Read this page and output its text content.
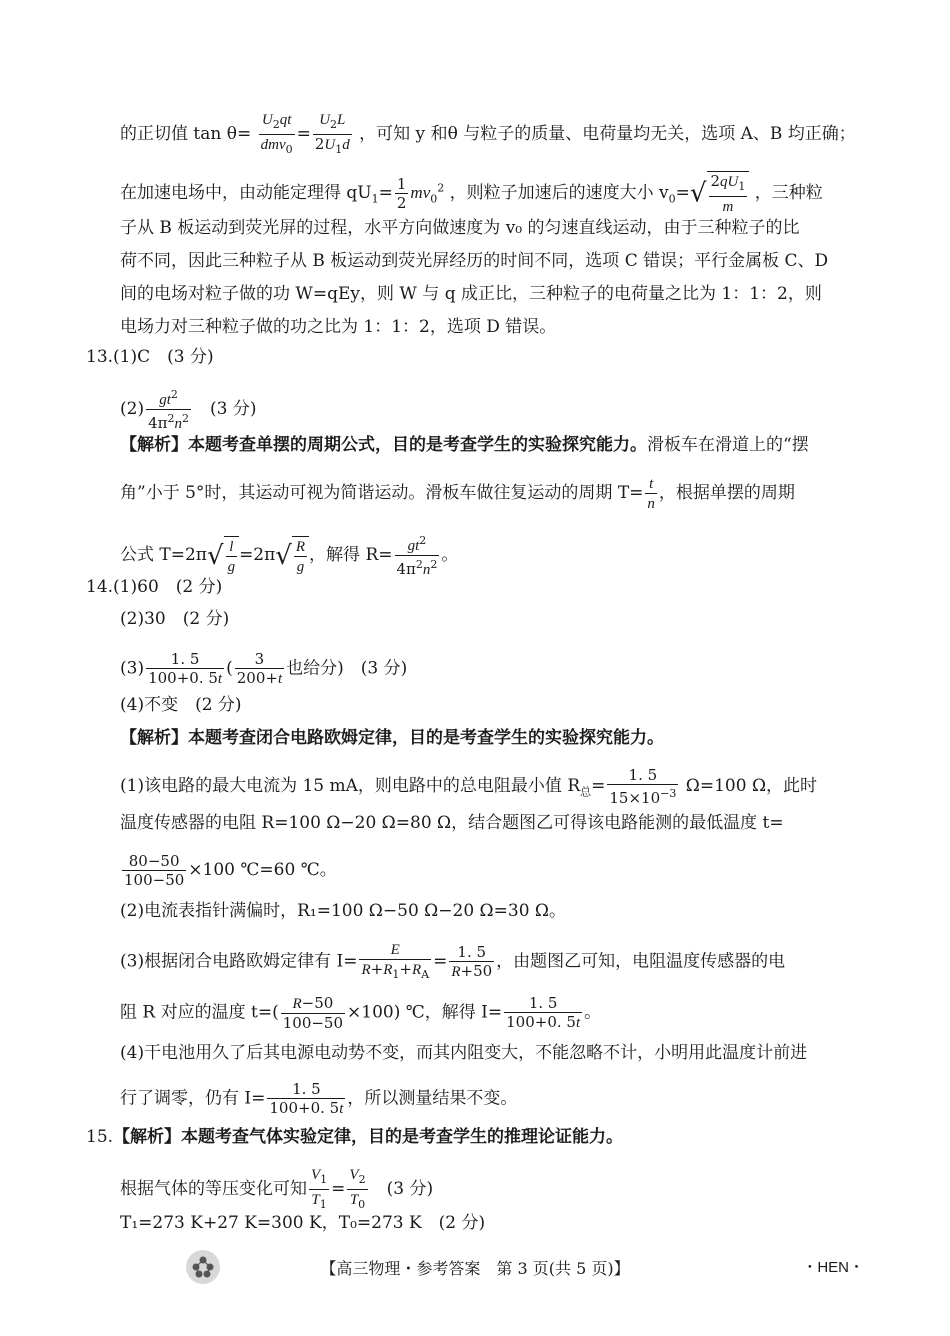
的正切值 $\tan \theta= \frac{U_2qt}{dmv_0} = \frac{U_2L}{2U_1d}$ ，可知 y 和θ 与粒子的质量、电荷量均无关，选项 A、B 均正确；
在加速电场中，由动能定理得 $qU_1= \frac{1}{2} mv_0^2$ ，则粒子加速后的速度大小 $v_0=√ \frac{2qU_1}{m}$ ，三种粒
子从 B 板运动到荧光屏的过程，水平方向做速度为 v₀ 的匀速直线运动，由于三种粒子的比
荷不同，因此三种粒子从 B 板运动到荧光屏经历的时间不同，选项 C 错误；平行金属板 C、D
间的电场对粒子做的功 W=qEy，则 W 与 q 成正比，三种粒子的电荷量之比为 1：1：2，则
电场力对三种粒子做的功之比为 1：1：2，选项 D 错误。
13.(1)C　(3 分)
$(2) \frac{gt^2}{4\pi^2n^2}$ 　(3 分)
【解析】本题考查单摆的周期公式，目的是考查学生的实验探究能力。滑板车在滑道上的“摆
角”小于 5°时，其运动可视为简谐运动。滑板车做往复运动的周期 $T= \frac{t}{n}$ ，根据单摆的周期
公式 $T=2\pi√ \frac{l}{g} =2\pi√ \frac{R}{g}$ ，解得 $R= \frac{gt^2}{4\pi^2n^2}$ 。
14.(1)60　(2 分)
(2)30　(2 分)
$(3) \frac{1. 5}{100+0. 5t}$ ( $\frac{3}{200+t}$ 也给分)　(3 分)
(4)不变　(2 分)
【解析】本题考查闭合电路欧姆定律，目的是考查学生的实验探究能力。
(1)该电路的最大电流为 15 mA，则电路中的总电阻最小值 $R_总= \frac{1. 5}{15\times 10^{-3}} \Omega=100$ Ω，此时
温度传感器的电阻 R=100 Ω−20 Ω=80 Ω，结合题图乙可得该电路能测的最低温度 t=
$\frac{80-50}{100-50} \times 100$ ℃=60 ℃。
(2)电流表指针满偏时，R₁=100 Ω−50 Ω−20 Ω=30 Ω。
(3)根据闭合电路欧姆定律有 $I= \frac{E}{R+R_1+R_A} = \frac{1. 5}{R+50}$ ，由题图乙可知，电阻温度传感器的电
阻 R 对应的温度 $t=( \frac{R-50}{100-50} \times 100)$ ℃，解得 $I= \frac{1. 5}{100+0. 5t}$ 。
(4)干电池用久了后其电源电动势不变，而其内阻变大，不能忽略不计，小明用此温度计前进
行了调零，仍有 $I= \frac{1. 5}{100+0. 5t}$ ，所以测量结果不变。
15.【解析】本题考查气体实验定律，目的是考查学生的推理论证能力。
根据气体的等压变化可知 $\frac{V_1}{T_1} = \frac{V_2}{T_0}$ 　(3 分)
T₁=273 K+27 K=300 K，T₀=273 K　(2 分)
【高三物理・参考答案　第 3 页(共 5 页)】	・HEN・
